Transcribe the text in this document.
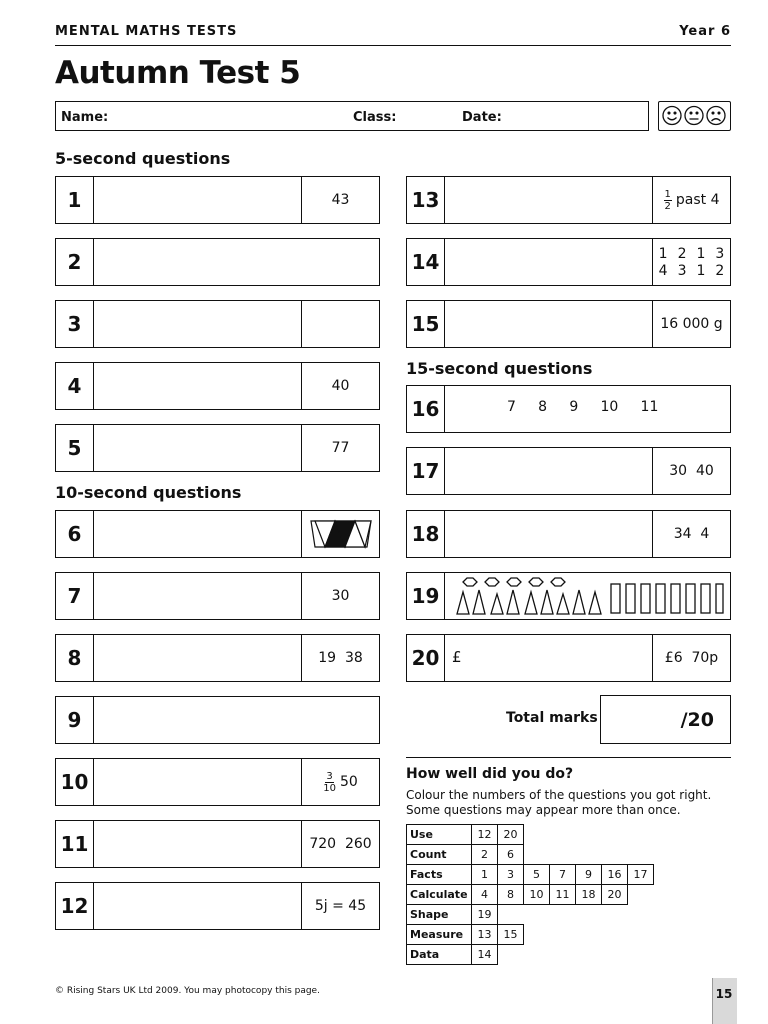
MENTAL MATHS TESTS	Year 6
Autumn Test 5
Name:	Class:	Date:
5-second questions
10-second questions
15-second questions
1	43
2
3
4	40
5	77
6
7	30
8	19  38
9
10	$\frac{3}{10} 50$
11	720  260
12	5j = 45
13	$\frac{1}{2}$ past 4
14	1 2 1 3
4 3 1 2
15	16 000 g
16	7     8     9     10     11
17	30  40
18	34  4
19
20 £	£6  70p
Total marks	/20
How well did you do?
Colour the numbers of the questions you got right.
Some questions may appear more than once.
Use	12	20					
Count	2	6					
Facts	1	3	5	7	9	16	17
Calculate	4	8	10	11	18	20	
Shape	19						
Measure	13	15					
Data	14						
© Rising Stars UK Ltd 2009. You may photocopy this page.	15
